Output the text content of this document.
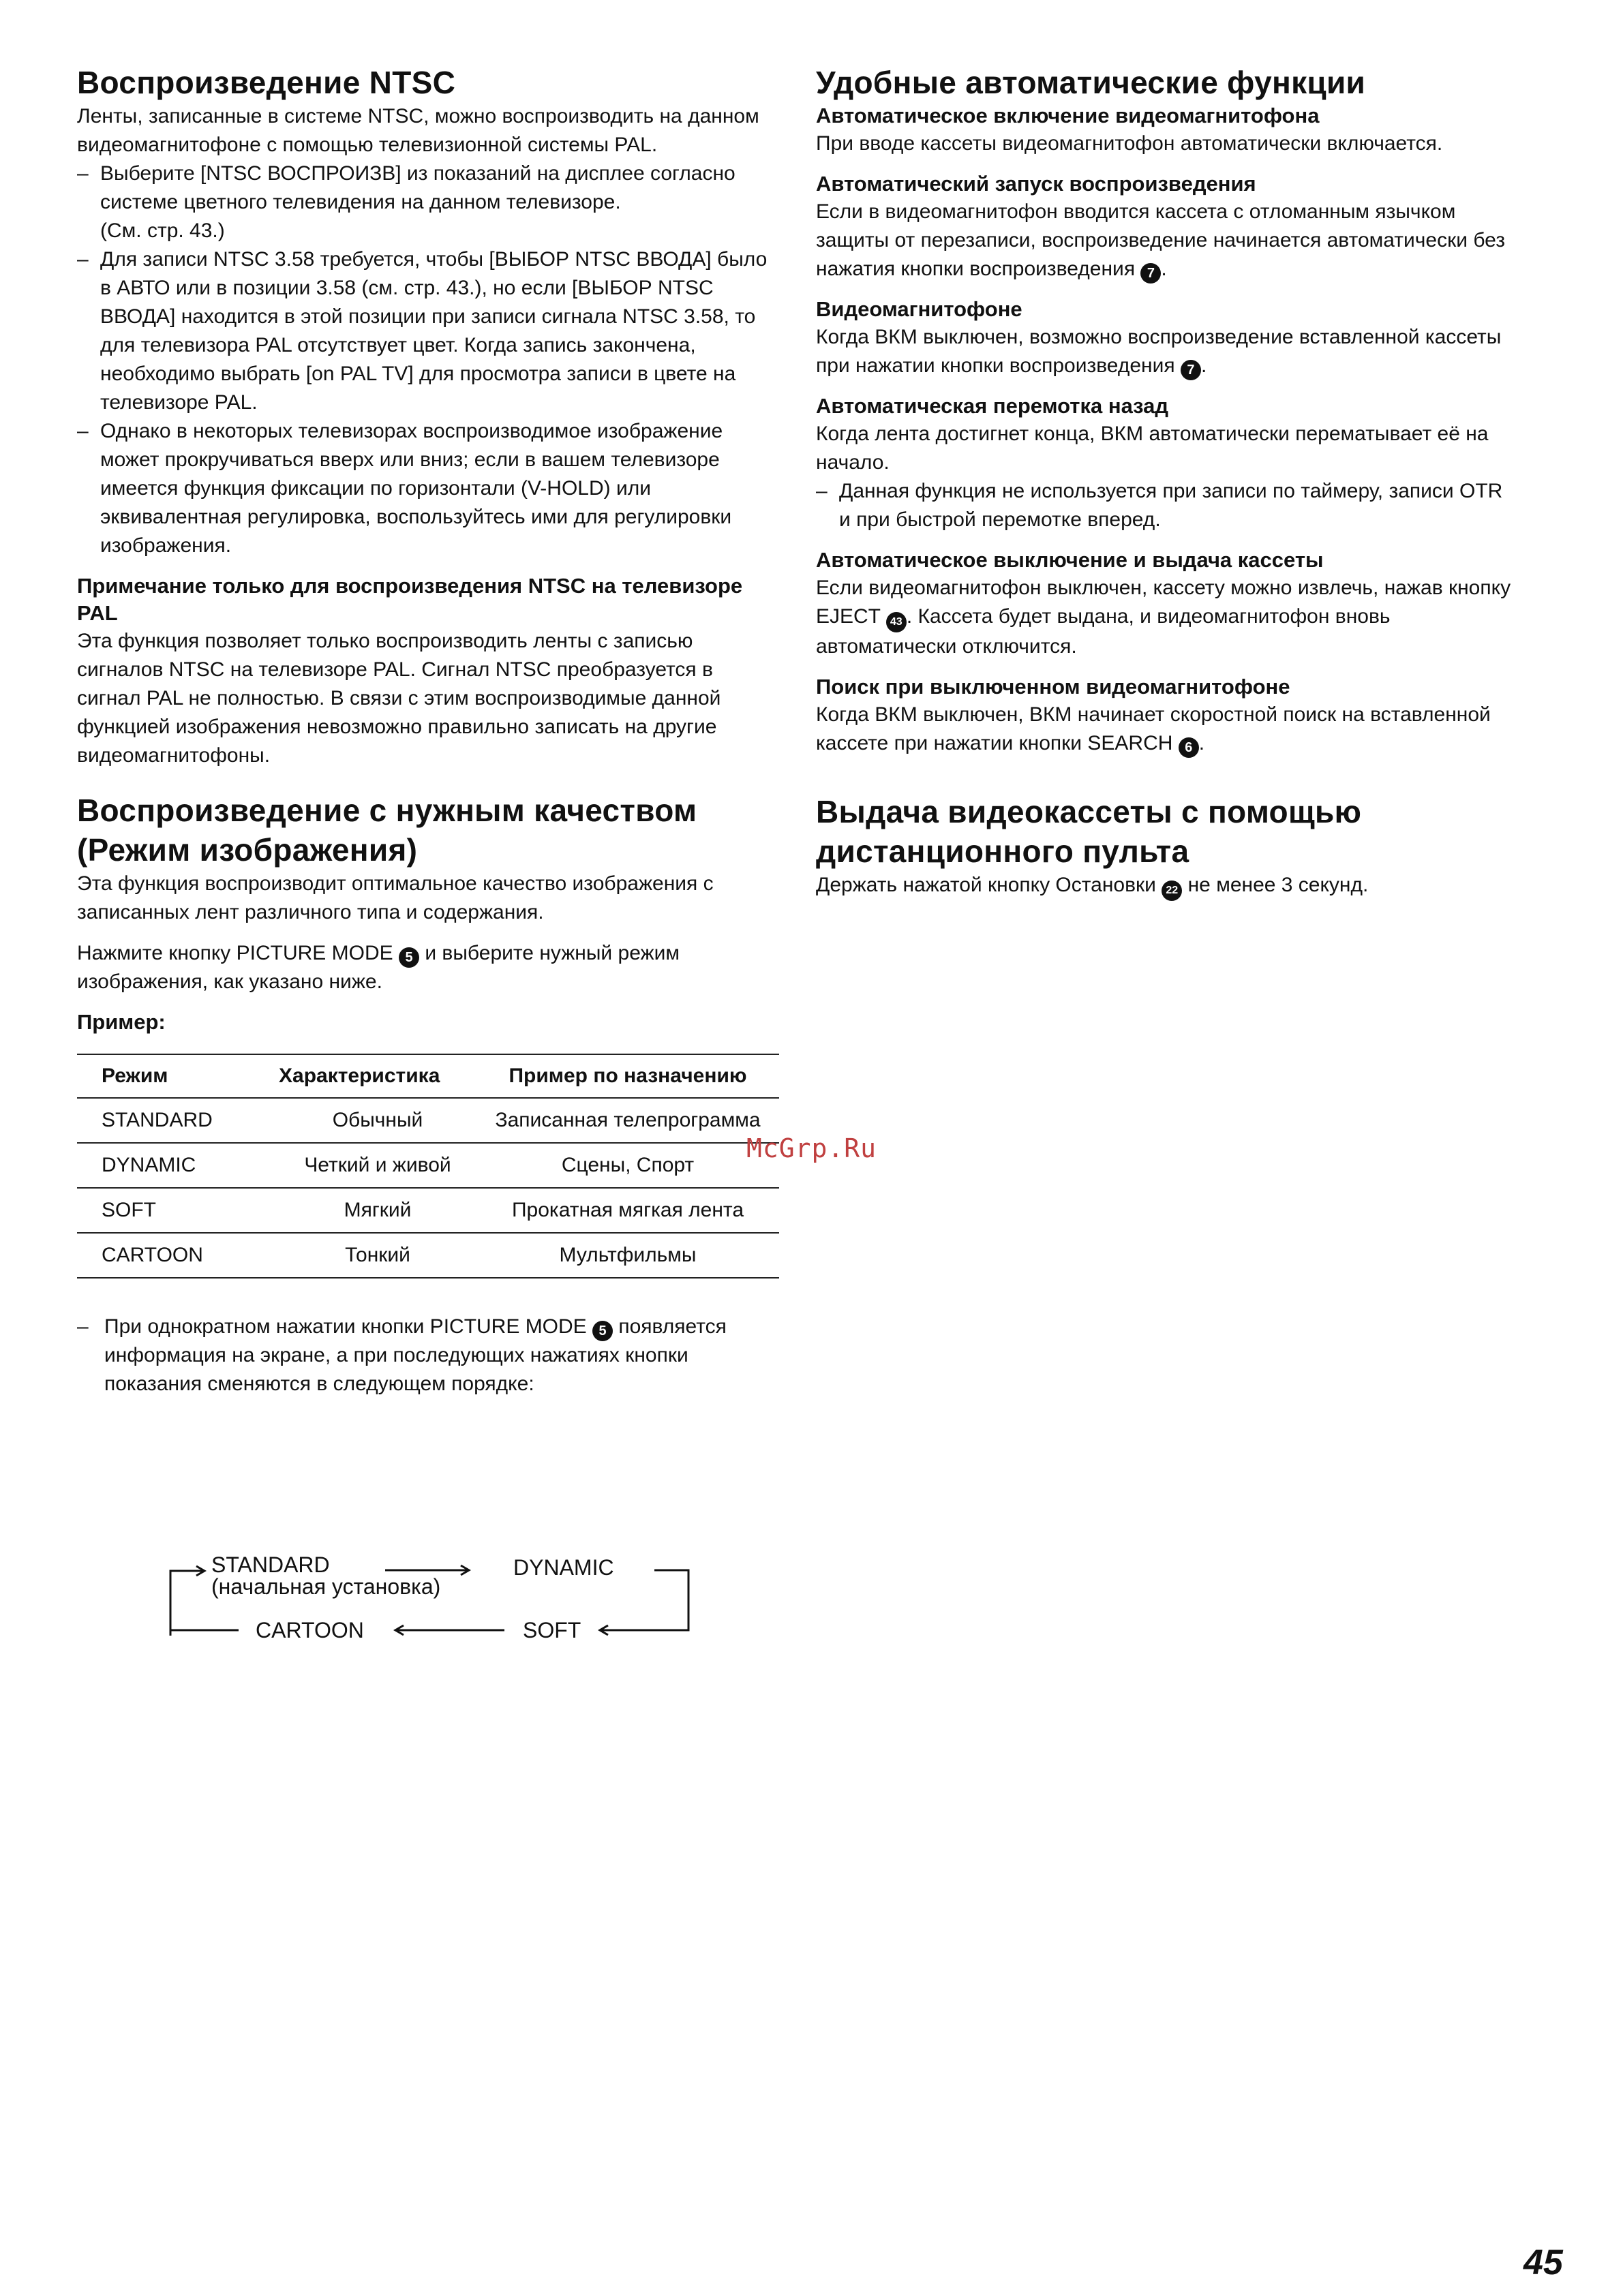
Воспроизведение NTSC

Ленты, записанные в системе NTSC, можно воспроизводить на данном видеомагнитофоне с помощью телевизионной системы PAL.

– Выберите [NTSC ВОСПРОИЗВ] из показаний на дисплее согласно системе цветного телевидения на данном телевизоре.
(См. стр. 43.)
– Для записи NTSC 3.58 требуется, чтобы [ВЫБОР NTSC ВВОДА] было в АВТО или в позиции 3.58 (см. стр. 43.), но если [ВЫБОР NTSC ВВОДА] находится в этой позиции при записи сигнала NTSC 3.58, то для телевизора PAL отсутствует цвет. Когда запись закончена, необходимо выбрать [on PAL TV] для просмотра записи в цвете на телевизоре PAL.
– Однако в некоторых телевизорах воспроизводимое изображение может прокручиваться вверх или вниз; если в вашем телевизоре имеется функция фиксации по горизонтали (V-HOLD) или эквивалентная регулировка, воспользуйтесь ими для регулировки изображения.
Примечание только для воспроизведения NTSC на телевизоре PAL

Эта функция позволяет только воспроизводить ленты с записью сигналов NTSC на телевизоре PAL. Сигнал NTSC преобразуется в сигнал PAL не полностью. В связи с этим воспроизводимые данной функцией изображения невозможно правильно записать на другие видеомагнитофоны.

Воспроизведение с нужным качеством (Режим изображения)

Эта функция воспроизводит оптимальное качество изображения с записанных лент различного типа и содержания.

Нажмите кнопку PICTURE MODE 5 и выберите нужный режим изображения, как указано ниже.

Пример:
Режим	Характеристика	Пример по назначению
STANDARD	Обычный	Записанная телепрограмма
DYNAMIC	Четкий и живой	Сцены, Спорт
SOFT	Мягкий	Прокатная мягкая лента
CARTOON	Тонкий	Мультфильмы
– При однократном нажатии кнопки PICTURE MODE 5 появляется информация на экране, а при последующих нажатиях кнопки показания сменяются в следующем порядке:
STANDARD
(начальная установка)
DYNAMIC
CARTOON	SOFT
Удобные автоматические функции
Автоматическое включение видеомагнитофона

При вводе кассеты видеомагнитофон автоматически включается.

Автоматический запуск воспроизведения

Если в видеомагнитофон вводится кассета с отломанным язычком защиты от перезаписи, воспроизведение начинается автоматически без нажатия кнопки воспроизведения 7 .

Видеомагнитофоне

Когда ВКМ выключен, возможно воспроизведение вставленной кассеты при нажатии кнопки воспроизведения 7 .

Автоматическая перемотка назад

Когда лента достигнет конца, ВКМ автоматически перематывает её на начало.

– Данная функция не используется при записи по таймеру, записи OTR и при быстрой перемотке вперед.
Автоматическое выключение и выдача кассеты

Если видеомагнитофон выключен, кассету можно извлечь, нажав кнопку EJECT 43 . Кассета будет выдана, и видеомагнитофон вновь автоматически отключится.

Поиск при выключенном видеомагнитофоне

Когда ВКМ выключен, ВКМ начинает скоростной поиск на вставленной кассете при нажатии кнопки SEARCH 6 .

Выдача видеокассеты с помощью дистанционного пульта

Держать нажатой кнопку Остановки 22 не менее 3 секунд.

McGrp.Ru
45
